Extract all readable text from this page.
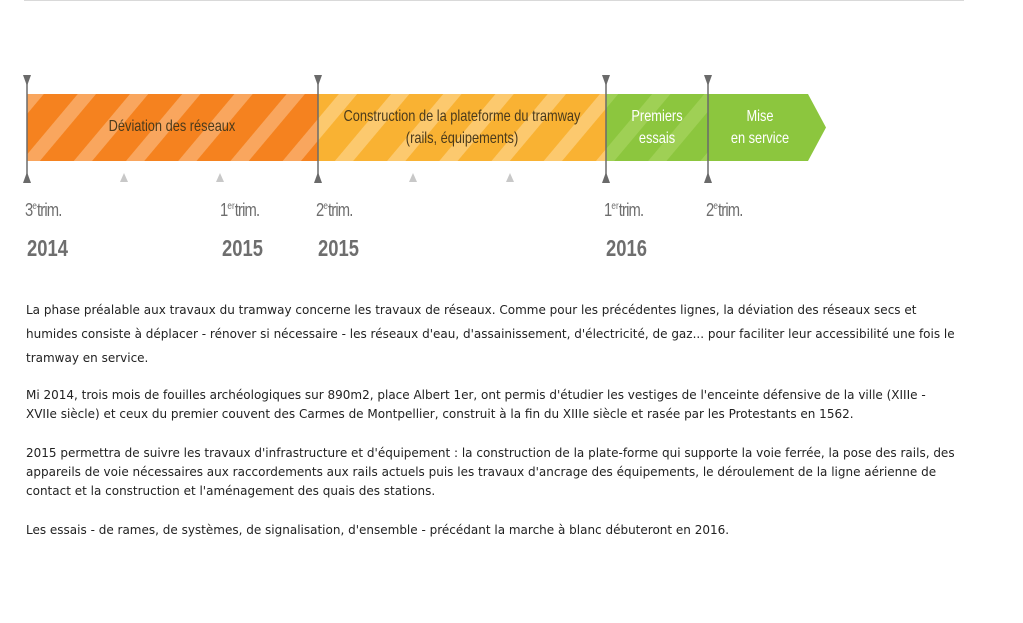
Déviation des réseaux
Construction de la plateforme du tramway
(rails, équipements)
Premiers
essais
Mise
en service
3etrim.	1ertrim.	2etrim.	1ertrim.	2etrim.
2014	2015 2015	2016

La phase préalable aux travaux du tramway concerne les travaux de réseaux. Comme pour les précédentes lignes, la déviation des réseaux secs et humides consiste à déplacer - rénover si nécessaire - les réseaux d'eau, d'assainissement, d'électricité, de gaz... pour faciliter leur accessibilité une fois le tramway en service.

Mi 2014, trois mois de fouilles archéologiques sur 890m2, place Albert 1er, ont permis d'étudier les vestiges de l'enceinte défensive de la ville (XIIIe - XVIIe siècle) et ceux du premier couvent des Carmes de Montpellier, construit à la fin du XIIIe siècle et rasée par les Protestants en 1562.

2015 permettra de suivre les travaux d'infrastructure et d'équipement : la construction de la plate-forme qui supporte la voie ferrée, la pose des rails, des appareils de voie nécessaires aux raccordements aux rails actuels puis les travaux d'ancrage des équipements, le déroulement de la ligne aérienne de contact et la construction et l'aménagement des quais des stations.

Les essais - de rames, de systèmes, de signalisation, d'ensemble - précédant la marche à blanc débuteront en 2016.
